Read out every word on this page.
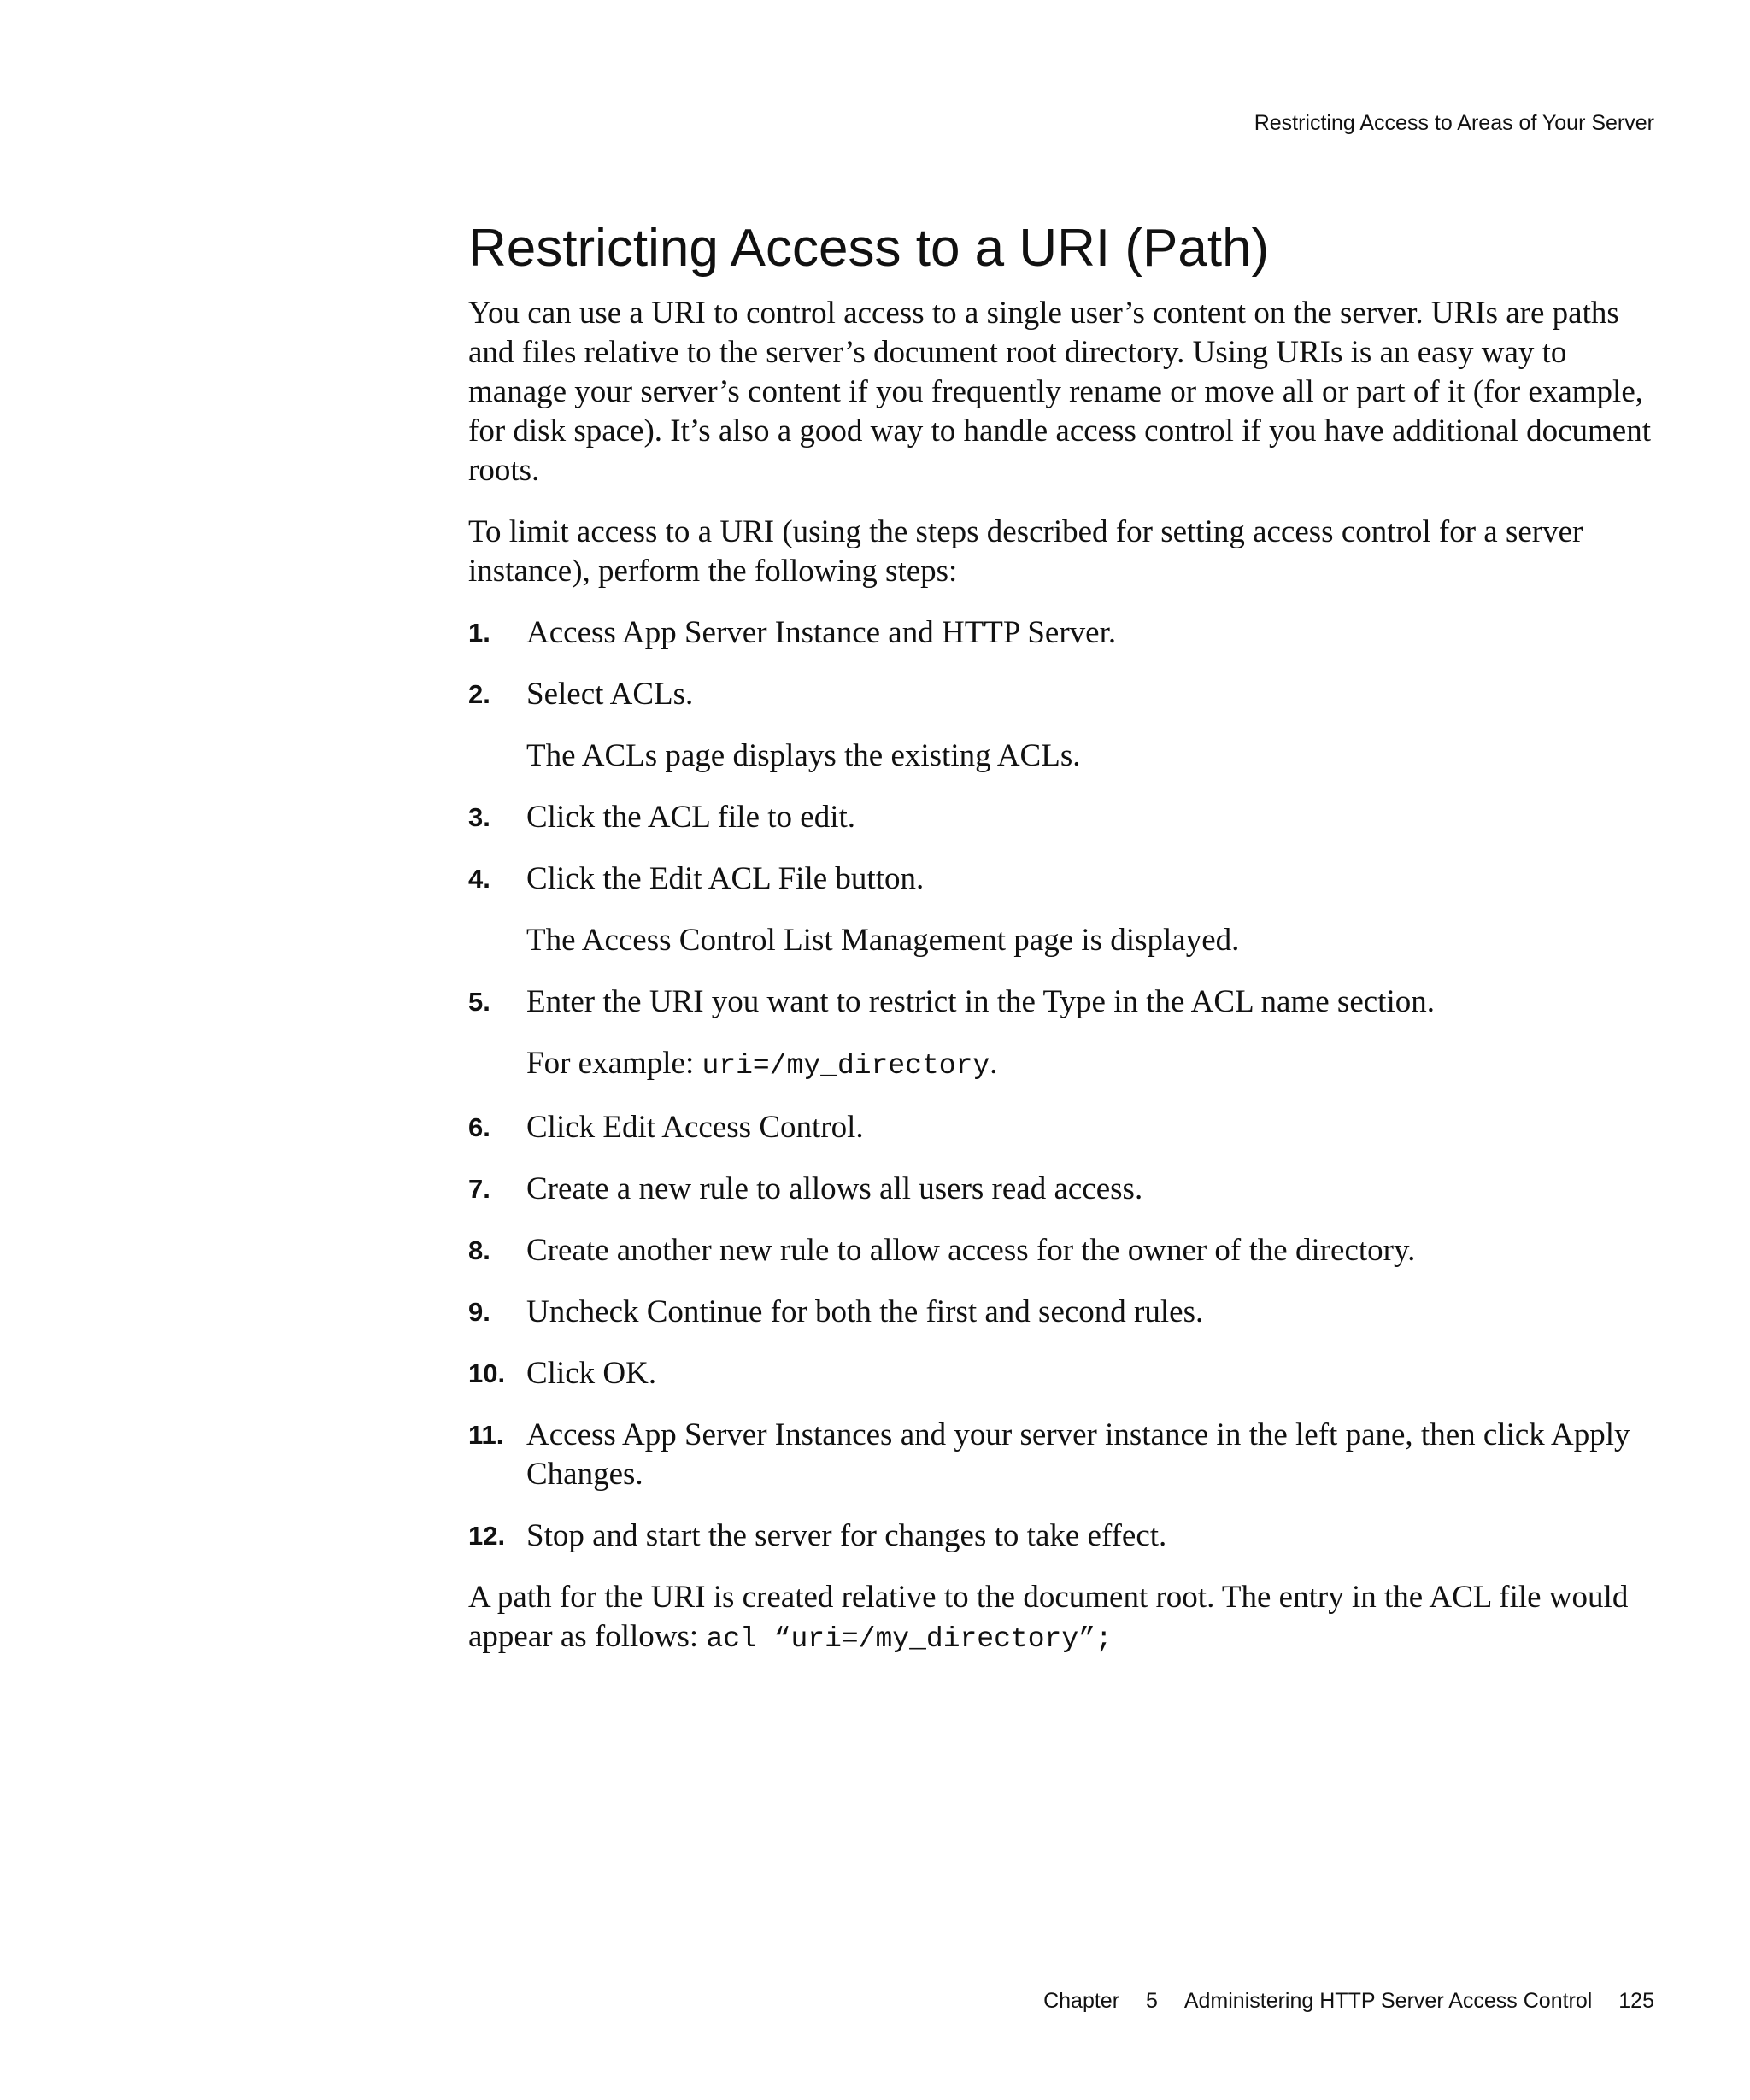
Restricting Access to Areas of Your Server
Restricting Access to a URI (Path)

You can use a URI to control access to a single user’s content on the server. URIs are paths and files relative to the server’s document root directory. Using URIs is an easy way to manage your server’s content if you frequently rename or move all or part of it (for example, for disk space). It’s also a good way to handle access control if you have additional document roots.

To limit access to a URI (using the steps described for setting access control for a server instance), perform the following steps:

1.	Access App Server Instance and HTTP Server.
2.	Select ACLs.
The ACLs page displays the existing ACLs.
3.	Click the ACL file to edit.
4.	Click the Edit ACL File button.
The Access Control List Management page is displayed.
5.	Enter the URI you want to restrict in the Type in the ACL name section.
For example: uri=/my_directory.
6.	Click Edit Access Control.
7.	Create a new rule to allows all users read access.
8.	Create another new rule to allow access for the owner of the directory.
9.	Uncheck Continue for both the first and second rules.
10. Click OK.
11. Access App Server Instances and your server instance in the left pane, then click Apply Changes.
12. Stop and start the server for changes to take effect.

A path for the URI is created relative to the document root. The entry in the ACL file would appear as follows: acl “uri=/my_directory”;

Chapter 5 Administering HTTP Server Access Control 125
